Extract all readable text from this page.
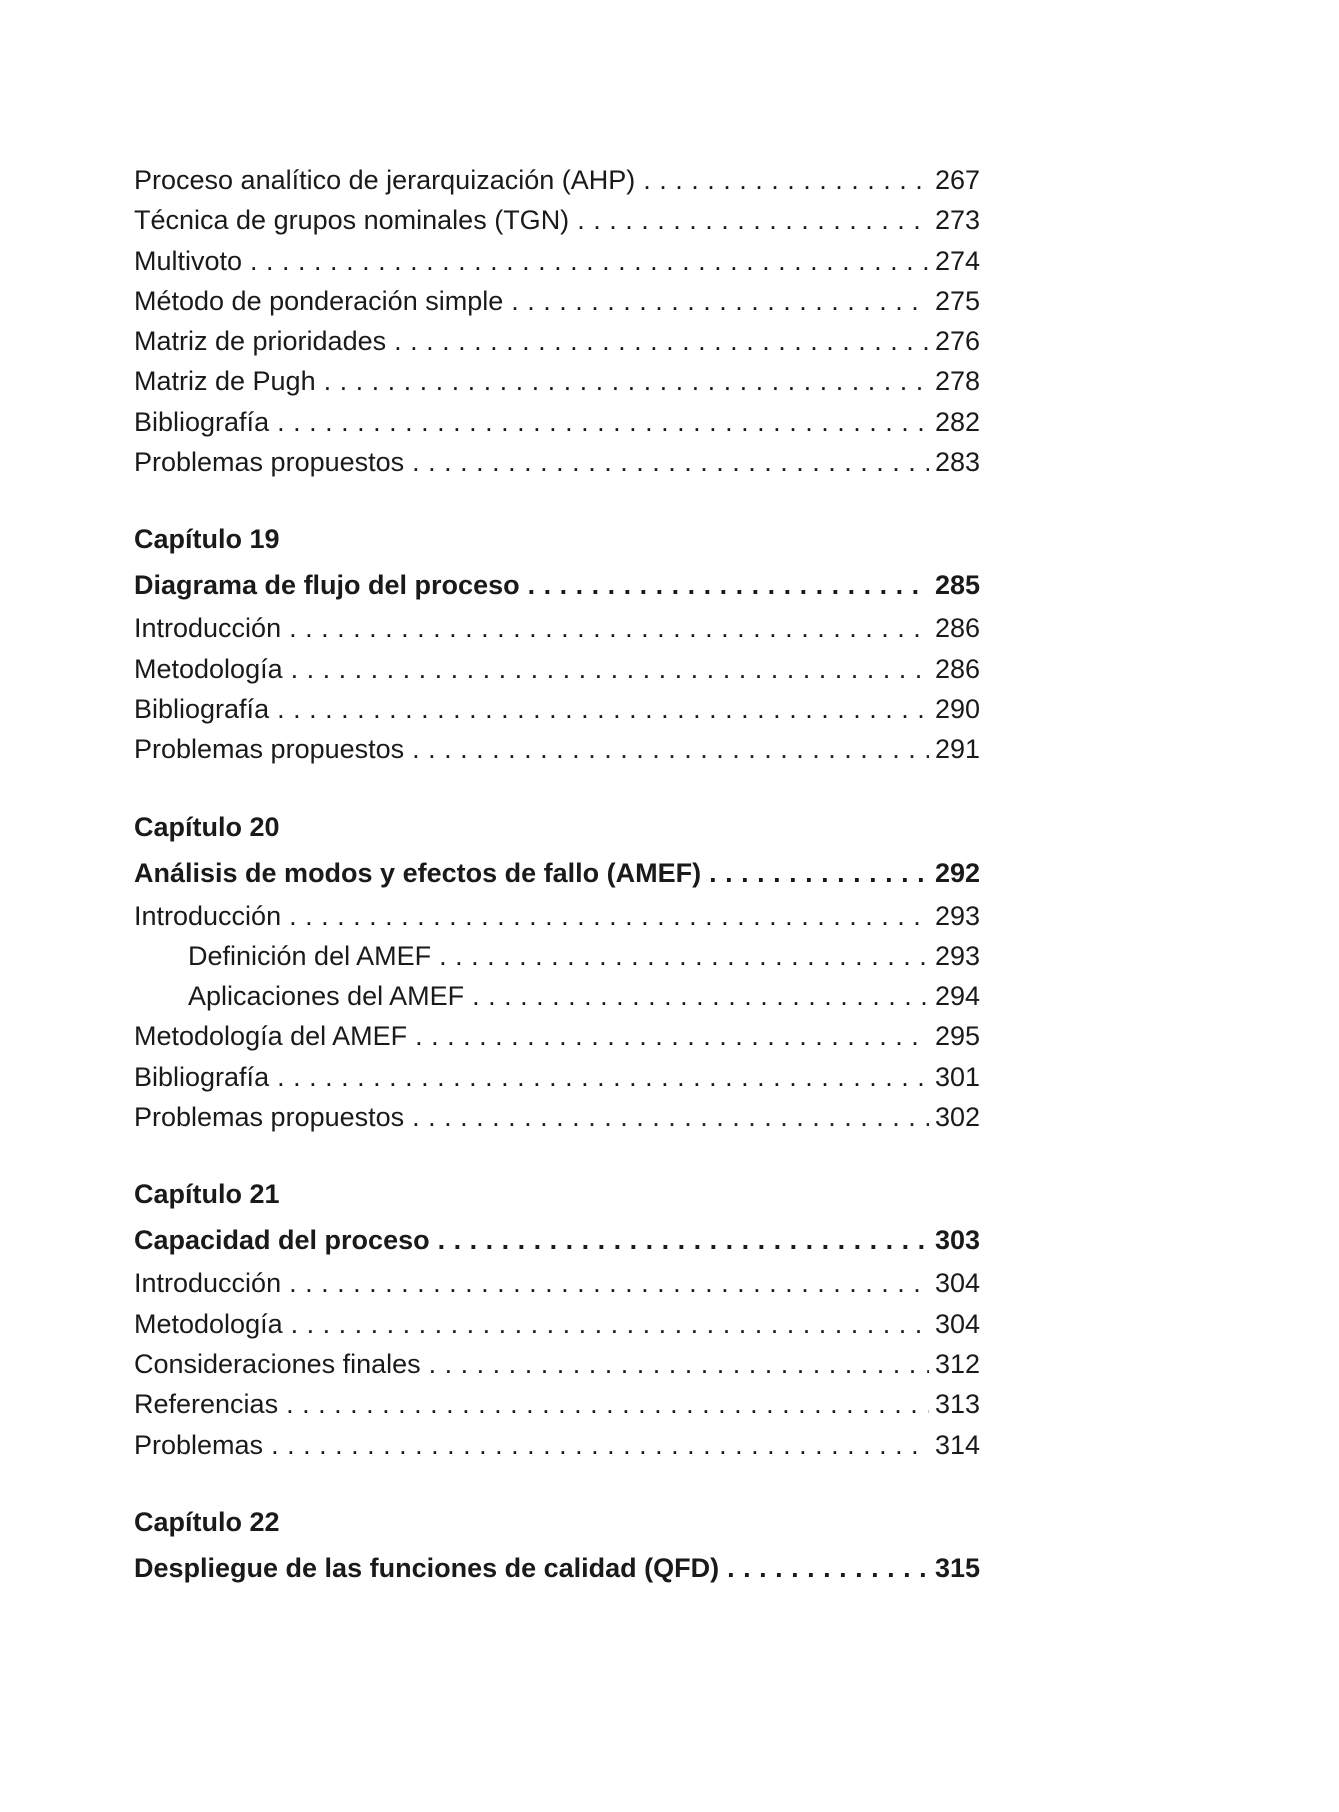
Proceso analítico de jerarquización (AHP) . . .	267
Técnica de grupos nominales (TGN) . . .	273
Multivoto . . .	274
Método de ponderación simple . . .	275
Matriz de prioridades . . .	276
Matriz de Pugh . . .	278
Bibliografía . . .	282
Problemas propuestos . . .	283
Capítulo 19
Diagrama de flujo del proceso . . .	285
Introducción . . .	286
Metodología . . .	286
Bibliografía . . .	290
Problemas propuestos . . .	291
Capítulo 20
Análisis de modos y efectos de fallo (AMEF) . . .	292
Introducción . . .	293
Definición del AMEF . . .	293
Aplicaciones del AMEF . . .	294
Metodología del AMEF . . .	295
Bibliografía . . .	301
Problemas propuestos . . .	302
Capítulo 21
Capacidad del proceso . . .	303
Introducción . . .	304
Metodología . . .	304
Consideraciones finales . . .	312
Referencias . . .	313
Problemas . . .	314
Capítulo 22
Despliegue de las funciones de calidad (QFD) . . .	315
